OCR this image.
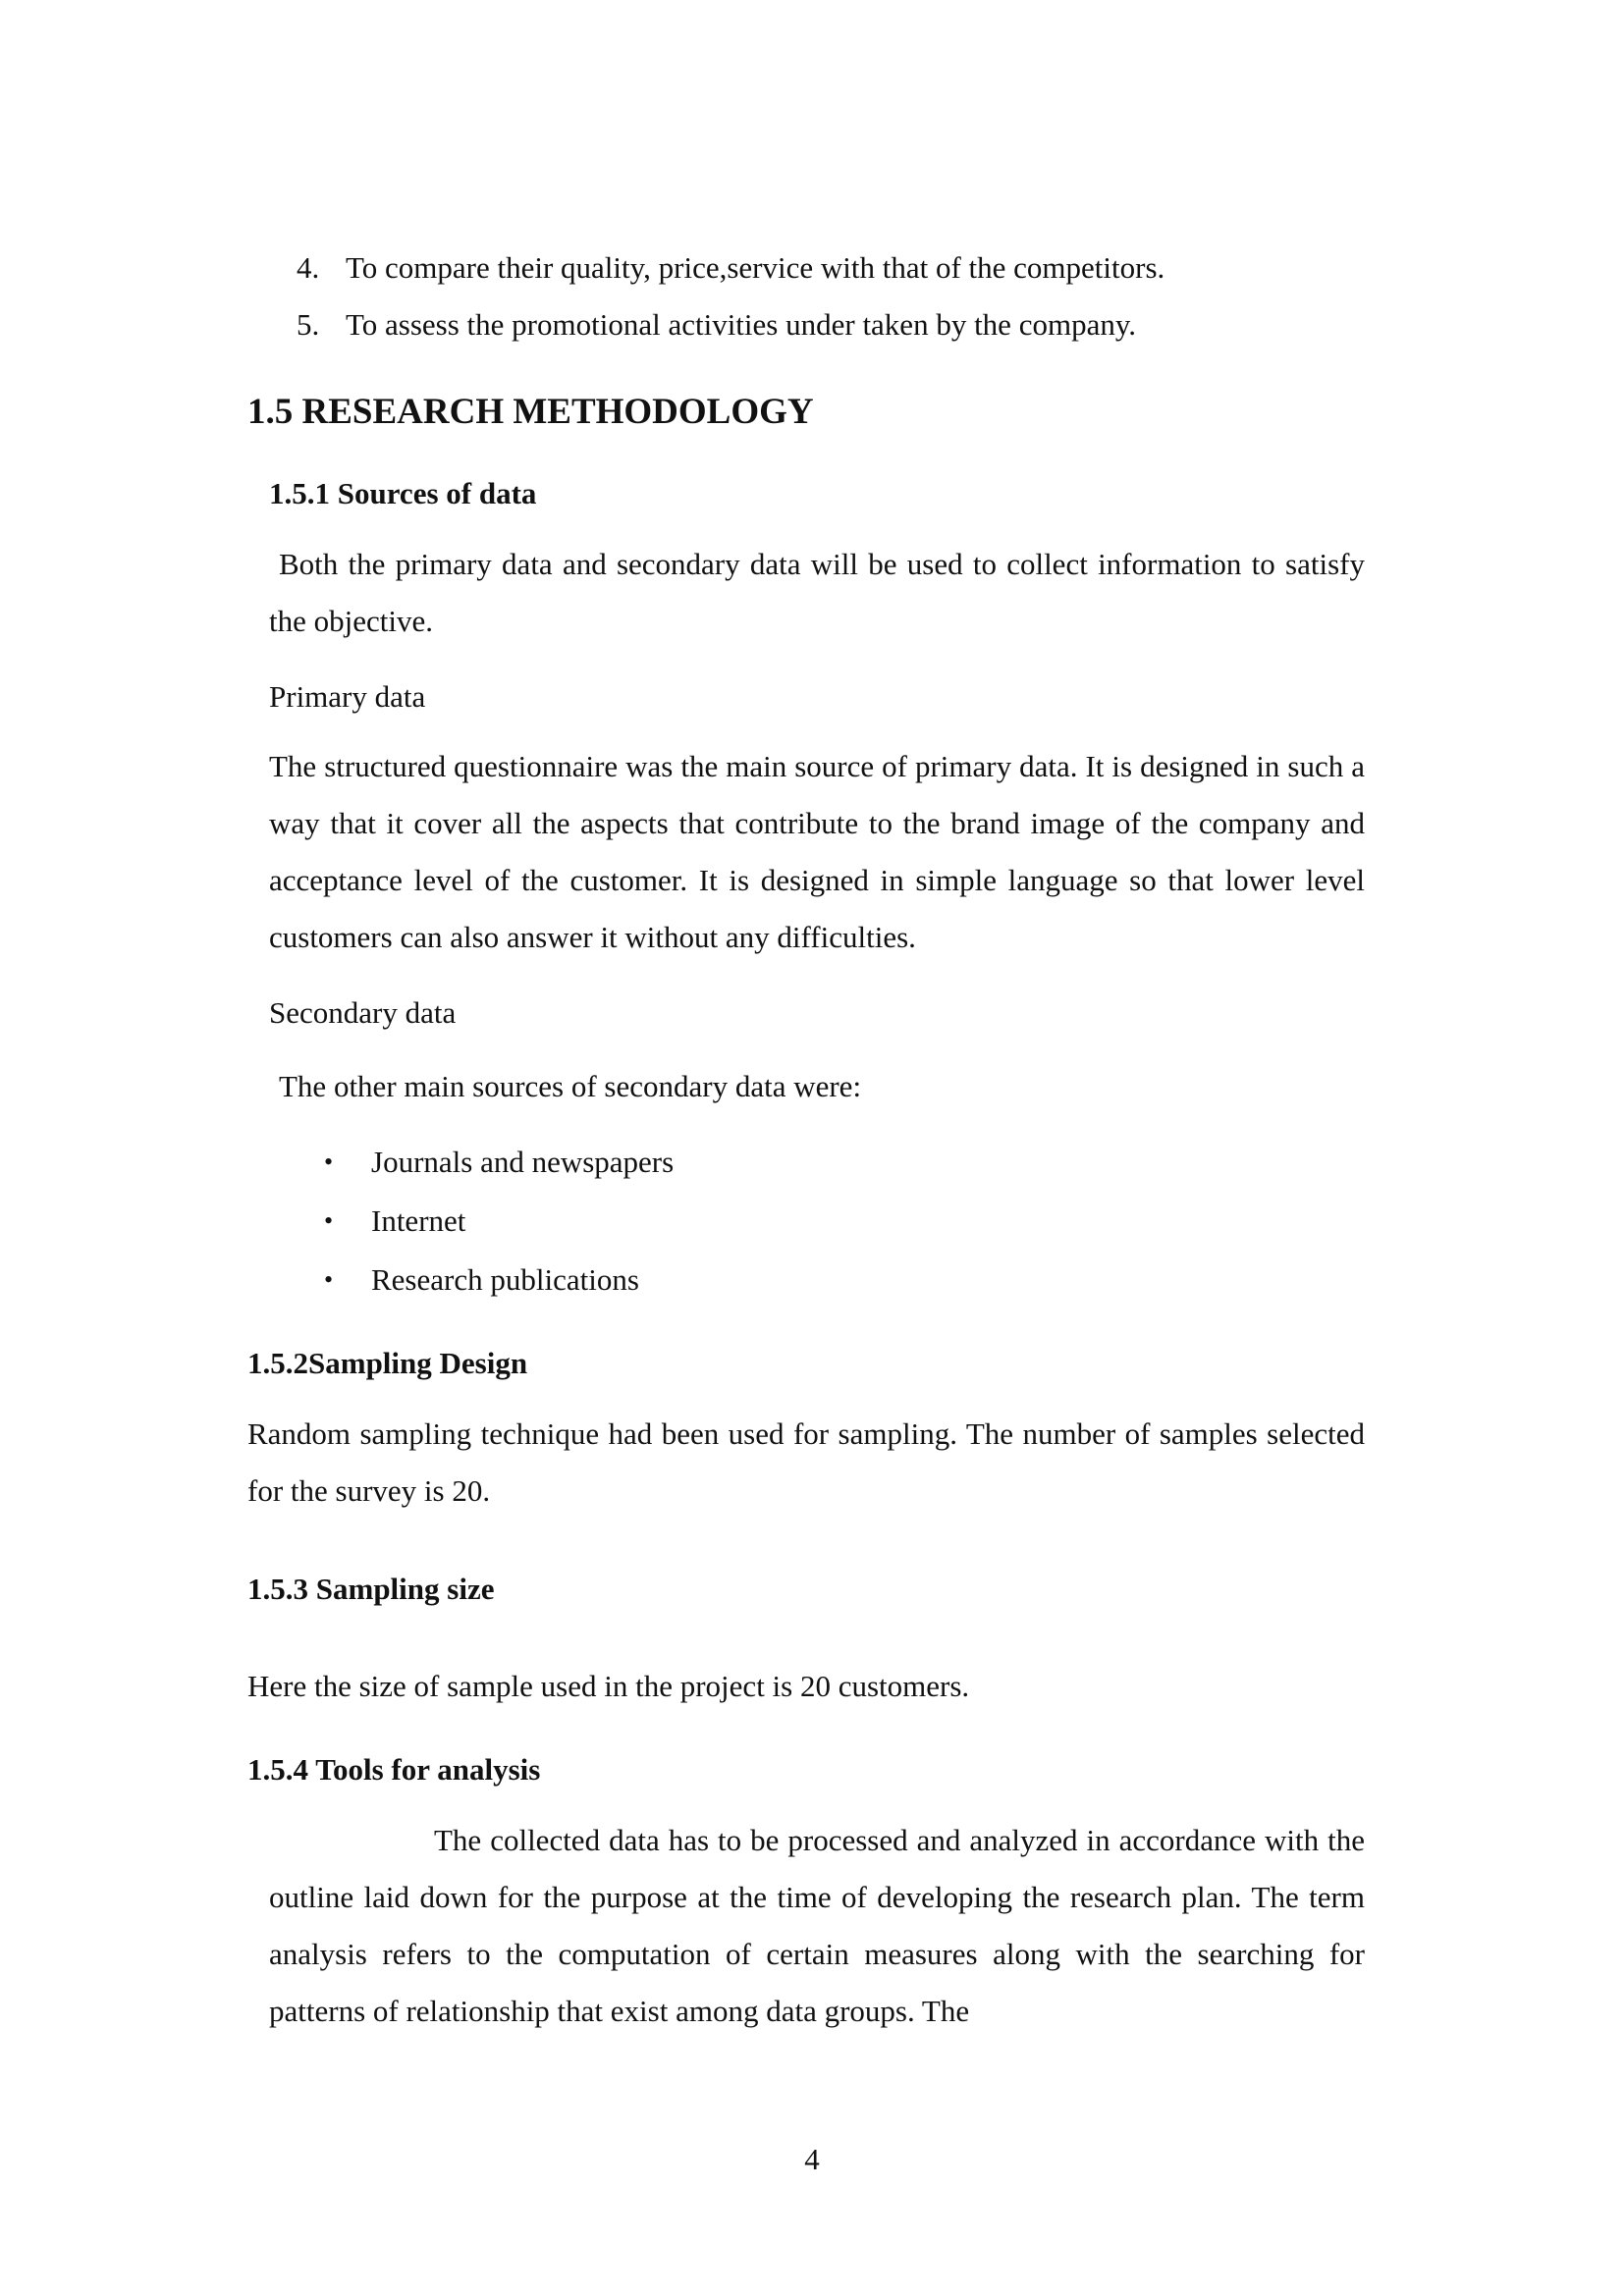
4. To compare their quality, price,service with that of the competitors.
5. To assess the promotional activities under taken by the company.
1.5 RESEARCH METHODOLOGY
1.5.1 Sources of data
Both the primary data and secondary data will be used to collect information to satisfy the objective.
Primary data
The structured questionnaire was the main source of primary data. It is designed in such a way that it cover all the aspects that contribute to the brand image of the company and acceptance level of the customer. It is designed in simple language so that lower level customers can also answer it without any difficulties.
Secondary data
The other main sources of secondary data were:
• Journals and newspapers
• Internet
• Research publications
1.5.2Sampling Design
Random sampling technique had been used for sampling. The number of samples selected for the survey is 20.
1.5.3 Sampling size
Here the size of sample used in the project is 20 customers.
1.5.4 Tools for analysis
The collected data has to be processed and analyzed in accordance with the outline laid down for the purpose at the time of developing the research plan. The term analysis refers to the computation of certain measures along with the searching for patterns of relationship that exist among data groups. The
4
